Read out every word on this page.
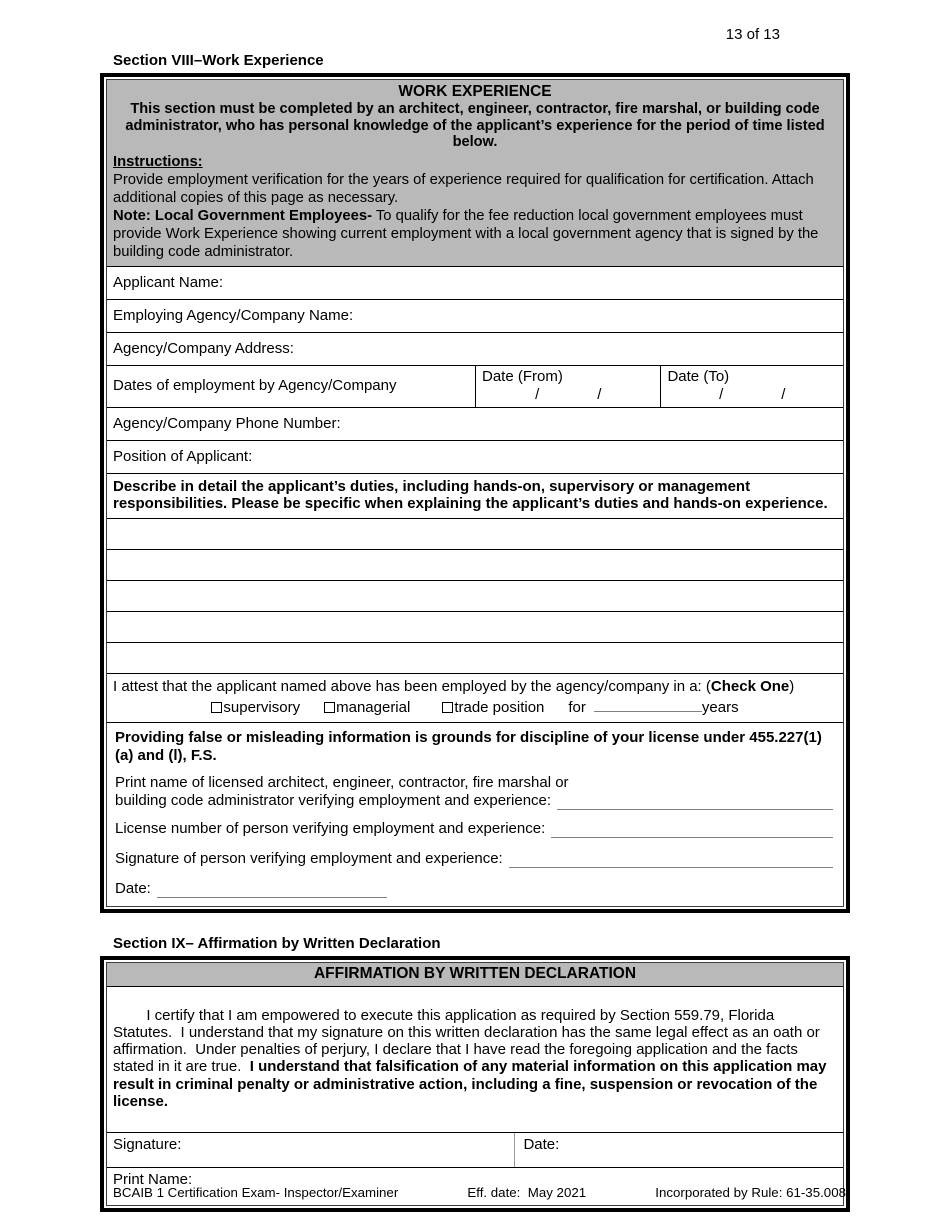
13 of 13
Section VIII–Work Experience
WORK EXPERIENCE
This section must be completed by an architect, engineer, contractor, fire marshal, or building code administrator, who has personal knowledge of the applicant’s experience for the period of time listed below.
Instructions:
Provide employment verification for the years of experience required for qualification for certification. Attach additional copies of this page as necessary.
Note: Local Government Employees- To qualify for the fee reduction local government employees must provide Work Experience showing current employment with a local government agency that is signed by the building code administrator.
Applicant Name:
Employing Agency/Company Name:
Agency/Company Address:
Dates of employment by Agency/Company
Date (From)
/	/
Date (To)
/	/
Agency/Company Phone Number:
Position of Applicant:
Describe in detail the applicant’s duties, including hands-on, supervisory or management responsibilities. Please be specific when explaining the applicant’s duties and hands-on experience.
I attest that the applicant named above has been employed by the agency/company in a: (Check One)
supervisory	managerial	trade position for	years
Providing false or misleading information is grounds for discipline of your license under 455.227(1)(a) and (l), F.S.
Print name of licensed architect, engineer, contractor, fire marshal or
building code administrator verifying employment and experience:
License number of person verifying employment and experience:
Signature of person verifying employment and experience:
Date:
Section IX– Affirmation by Written Declaration
AFFIRMATION BY WRITTEN DECLARATION

I certify that I am empowered to execute this application as required by Section 559.79, Florida Statutes.  I understand that my signature on this written declaration has the same legal effect as an oath or affirmation.  Under penalties of perjury, I declare that I have read the foregoing application and the facts stated in it are true.  I understand that falsification of any material information on this application may result in criminal penalty or administrative action, including a fine, suspension or revocation of the license.

Signature:	Date:
Print Name:
BCAIB 1 Certification Exam- Inspector/Examiner	Eff. date:  May 2021	Incorporated by Rule: 61-35.008
